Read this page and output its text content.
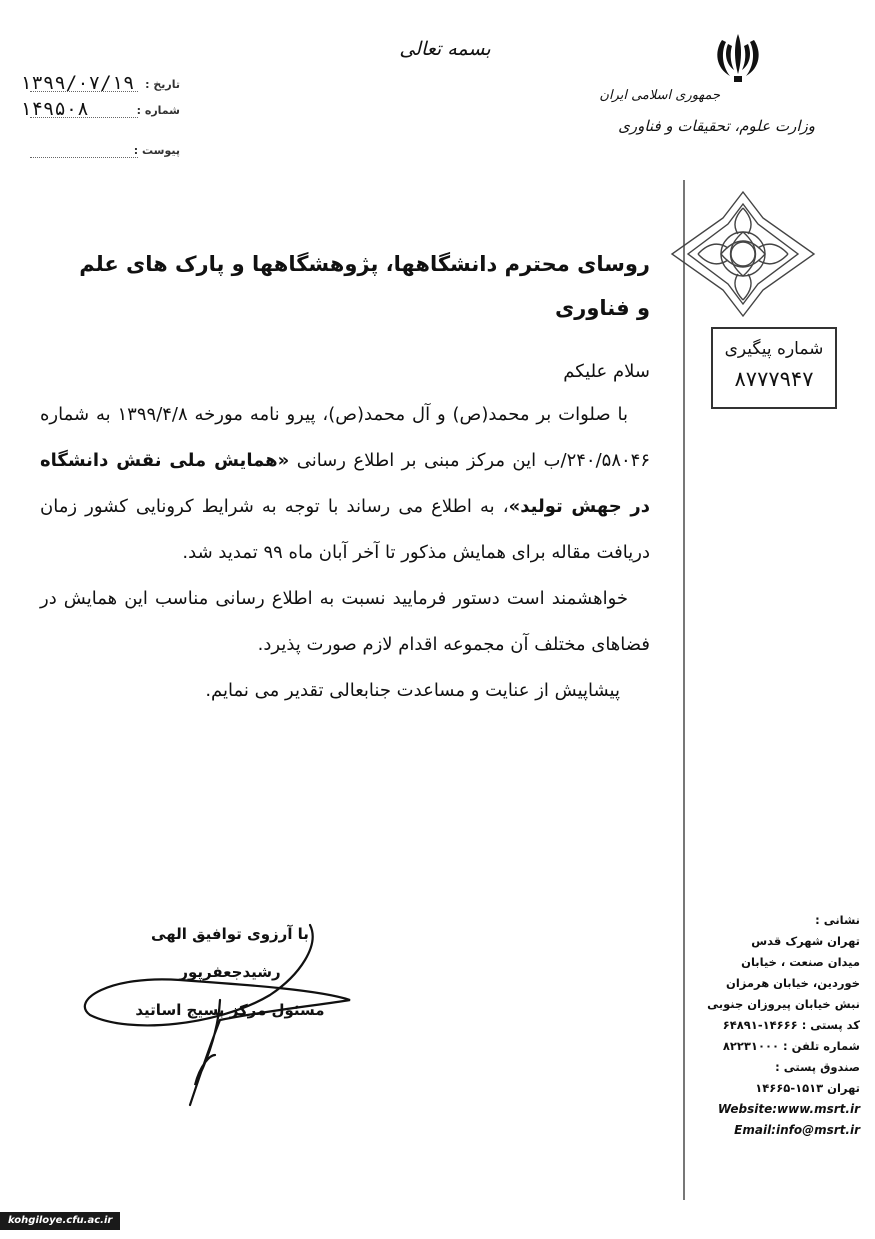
بسمه تعالی
جمهوری اسلامی ایران
وزارت علوم، تحقیقات و فناوری
۱۳۹۹/۰۷/۱۹ تاریخ :
۱۴۹۵۰۸	شماره :
پیوست :
شماره پیگیری
۸۷۷۷۹۴۷
روسای محترم دانشگاهها، پژوهشگاهها و پارک های علم
و فناوری
سلام علیکم
با صلوات بر محمد(ص) و آل محمد(ص)، پیرو نامه مورخه ۱۳۹۹/۴/۸ به شماره ۲۴۰/۵۸۰۴۶/ب این مرکز مبنی بر اطلاع رسانی «همایش ملی نقش دانشگاه در جهش تولید»، به اطلاع می رساند با توجه به شرایط کرونایی کشور زمان دریافت مقاله برای همایش مذکور تا آخر آبان ماه ۹۹ تمدید شد.
خواهشمند است دستور فرمایید نسبت به اطلاع رسانی مناسب این همایش در فضاهای مختلف آن مجموعه اقدام لازم صورت پذیرد.
پیشاپیش از عنایت و مساعدت جنابعالی تقدیر می نمایم.
با آرزوی توافیق الهی
رشیدجعفرپور
مسئول مرکز بسیج اساتید
نشانی :
تهران شهرک قدس
میدان صنعت ، خیابان
خوردین، خیابان هرمزان
نبش خیابان پیروزان جنوبی
کد پستی : ۱۴۶۶۶-۶۴۸۹۱
شماره تلفن : ۸۲۲۳۱۰۰۰
صندوق پستی :
تهران ۱۵۱۳-۱۴۶۶۵
Website:www.msrt.ir
Email:info@msrt.ir
kohgiloye.cfu.ac.ir
